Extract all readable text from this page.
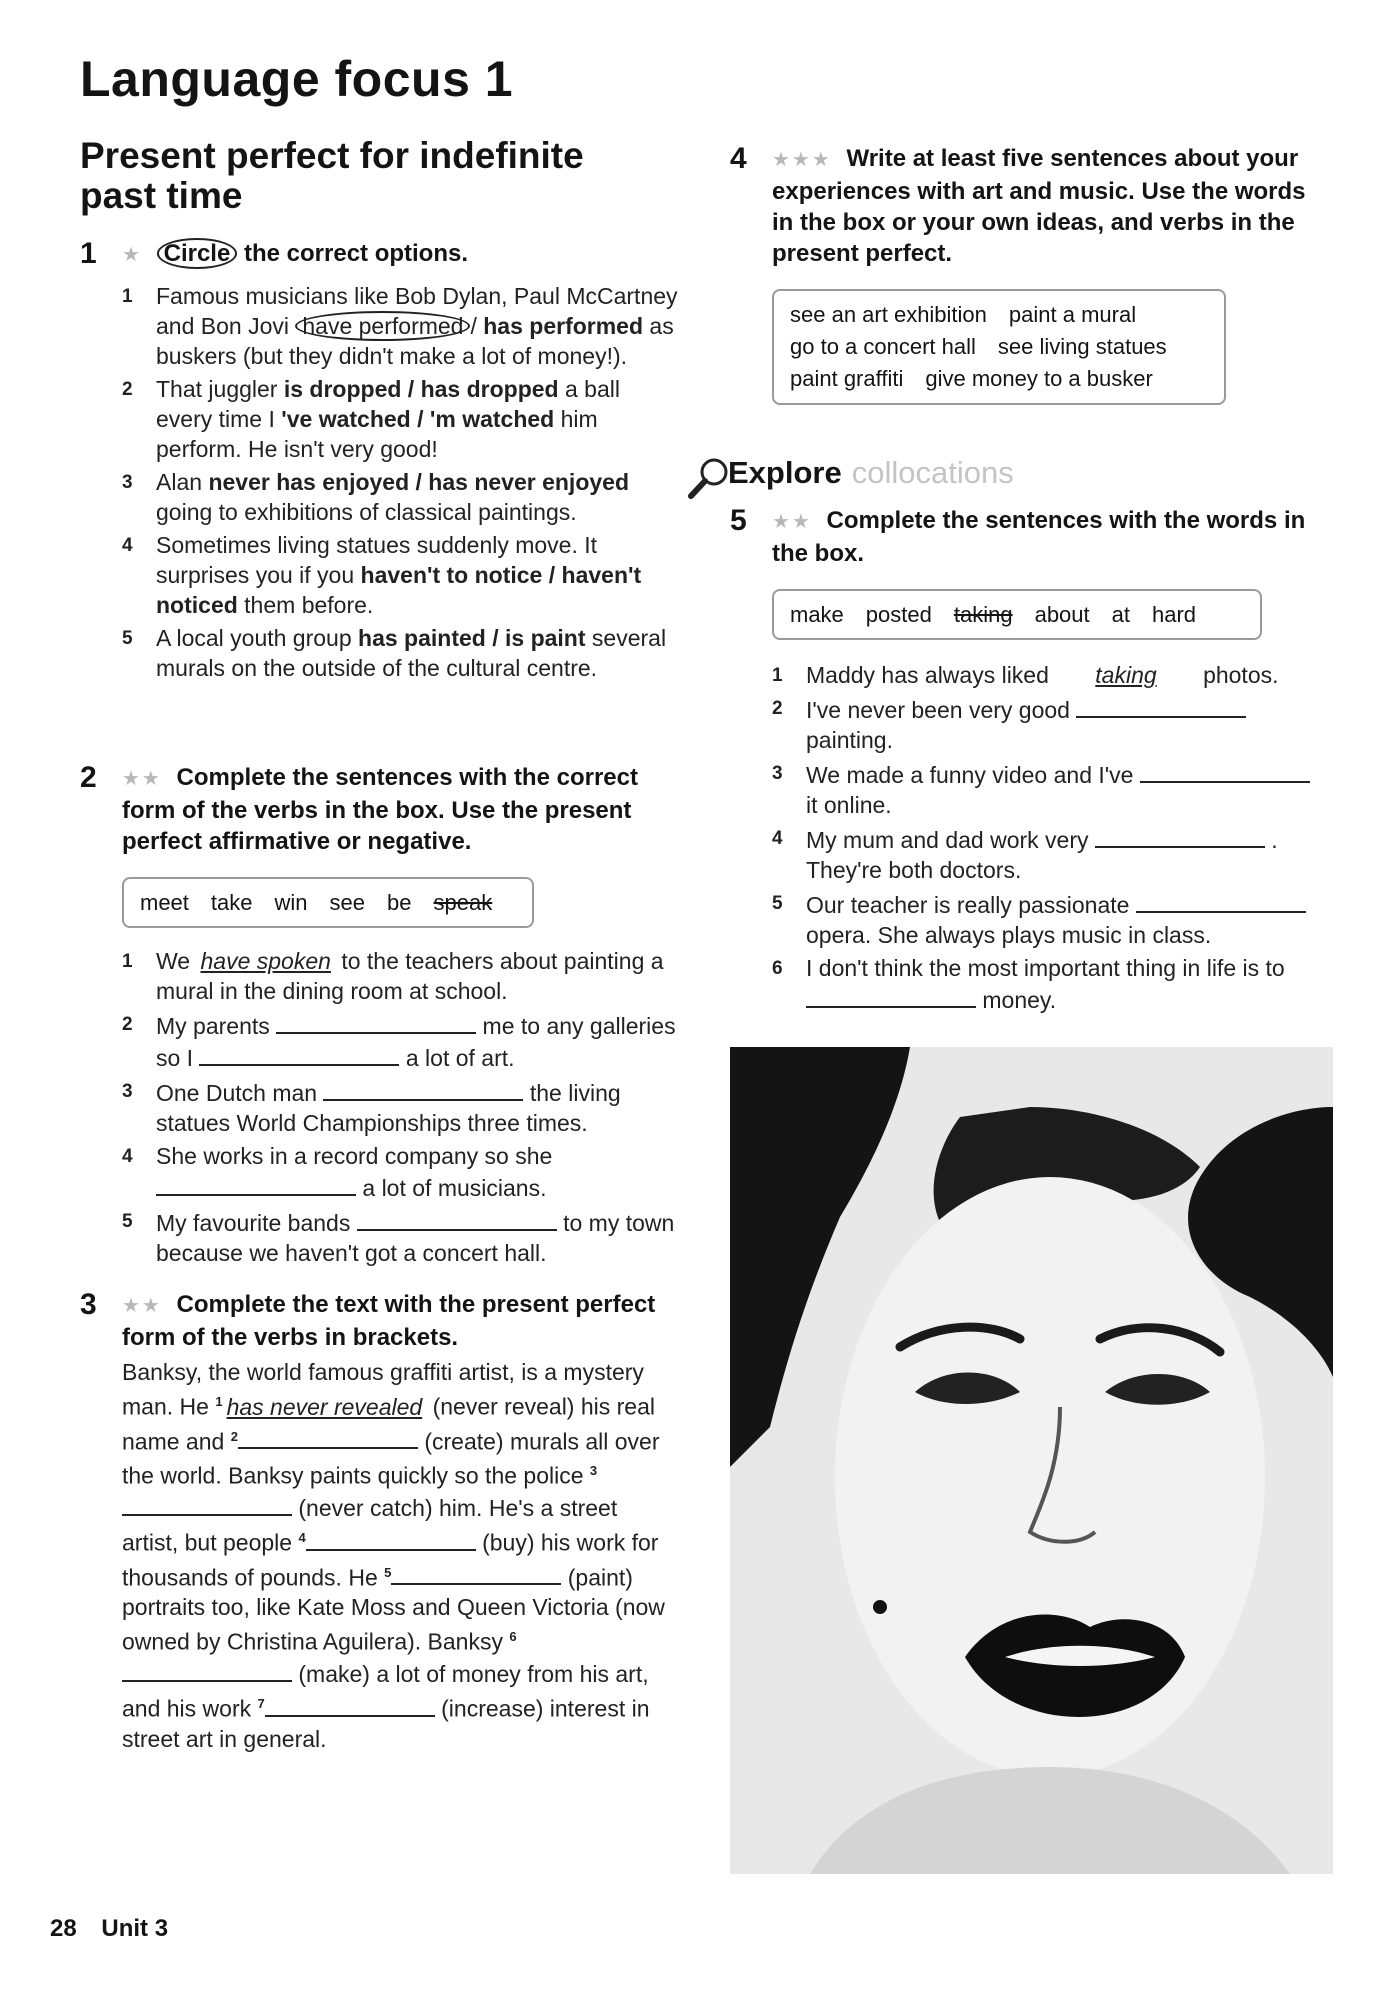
Language focus 1
Present perfect for indefinite past time
1 ★ Circle the correct options.
1 Famous musicians like Bob Dylan, Paul McCartney and Bon Jovi have performed / has performed as buskers (but they didn't make a lot of money!).
2 That juggler is dropped / has dropped a ball every time I 've watched / 'm watched him perform. He isn't very good!
3 Alan never has enjoyed / has never enjoyed going to exhibitions of classical paintings.
4 Sometimes living statues suddenly move. It surprises you if you haven't to notice / haven't noticed them before.
5 A local youth group has painted / is paint several murals on the outside of the cultural centre.
2 ★★ Complete the sentences with the correct form of the verbs in the box. Use the present perfect affirmative or negative.
meet take win see be speak
1 We have spoken to the teachers about painting a mural in the dining room at school.
2 My parents	me to any galleries so I	a lot of art.
3 One Dutch man	the living statues World Championships three times.
4 She works in a record company so she  a lot of musicians.
5 My favourite bands	to my town because we haven't got a concert hall.
3 ★★ Complete the text with the present perfect form of the verbs in brackets.

Banksy, the world famous graffiti artist, is a mystery man. He $^1$ has never revealed (never reveal) his real name and $^2$	(create) murals all over the world. Banksy paints quickly so the police $^3$ (never catch) him. He's a street artist, but people $^4$	(buy) his work for thousands of pounds. He $^5$	(paint) portraits too, like Kate Moss and Queen Victoria (now owned by Christina Aguilera). Banksy $^6$ (make) a lot of money from his art, and his work $^7$	(increase) interest in street art in general.

4 ★★★ Write at least five sentences about your experiences with art and music. Use the words in the box or your own ideas, and verbs in the present perfect.
see an art exhibition paint a mural
go to a concert hall see living statues
paint graffiti give money to a busker
Explore collocations
5 ★★ Complete the sentences with the words in the box.
make posted taking about at hard
1 Maddy has always liked taking photos.
2 I've never been very good  painting.
3 We made a funny video and I've  it online.
4 My mum and dad work very	. They're both doctors.
5 Our teacher is really passionate  opera. She always plays music in class.
6 I don't think the most important thing in life is to  money.
28 Unit 3
